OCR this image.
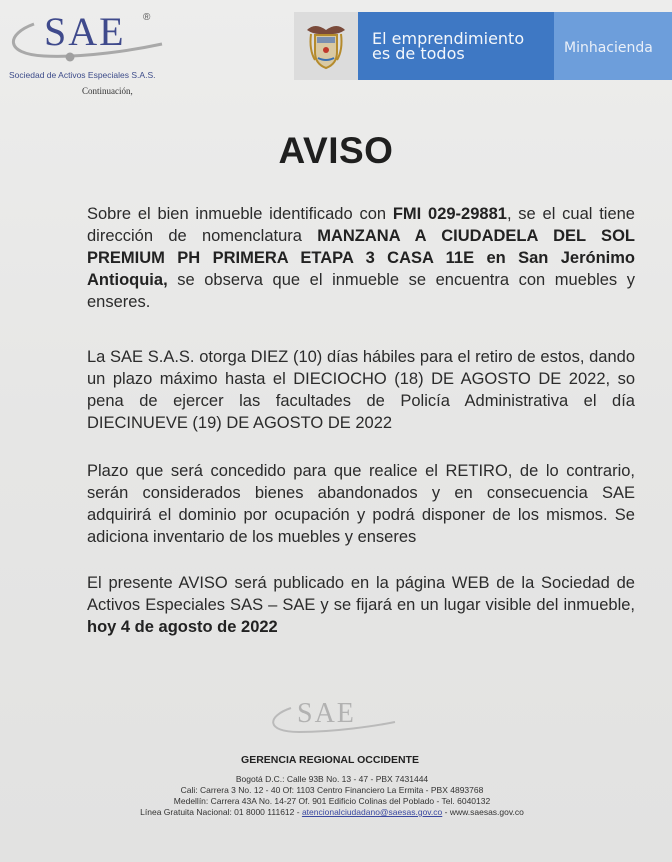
SAE ®
Sociedad de Activos Especiales S.A.S.
Continuación,
El emprendimiento
es de todos	Minhacienda
AVISO
Sobre el bien inmueble identificado con FMI 029-29881, se el cual tiene dirección de nomenclatura MANZANA A CIUDADELA DEL SOL PREMIUM PH PRIMERA ETAPA 3 CASA 11E en San Jerónimo Antioquia, se observa que el inmueble se encuentra con muebles y enseres.
La SAE S.A.S. otorga DIEZ (10) días hábiles para el retiro de estos, dando un plazo máximo hasta el DIECIOCHO (18) DE AGOSTO DE 2022, so pena de ejercer las facultades de Policía Administrativa el día DIECINUEVE (19) DE AGOSTO DE 2022
Plazo que será concedido para que realice el RETIRO, de lo contrario, serán considerados bienes abandonados y en consecuencia SAE adquirirá el dominio por ocupación y podrá disponer de los mismos. Se adiciona inventario de los muebles y enseres
El presente AVISO será publicado en la página WEB de la Sociedad de Activos Especiales SAS – SAE y se fijará en un lugar visible del inmueble, hoy 4 de agosto de 2022
SAE
GERENCIA REGIONAL OCCIDENTE
Bogotá D.C.: Calle 93B No. 13 - 47 - PBX 7431444
Cali: Carrera 3 No. 12 - 40 Of: 1103 Centro Financiero La Ermita - PBX 4893768
Medellín: Carrera 43A No. 14-27 Of. 901 Edificio Colinas del Poblado - Tel. 6040132
Línea Gratuita Nacional: 01 8000 111612 - atencionalciudadano@saesas.gov.co - www.saesas.gov.co
